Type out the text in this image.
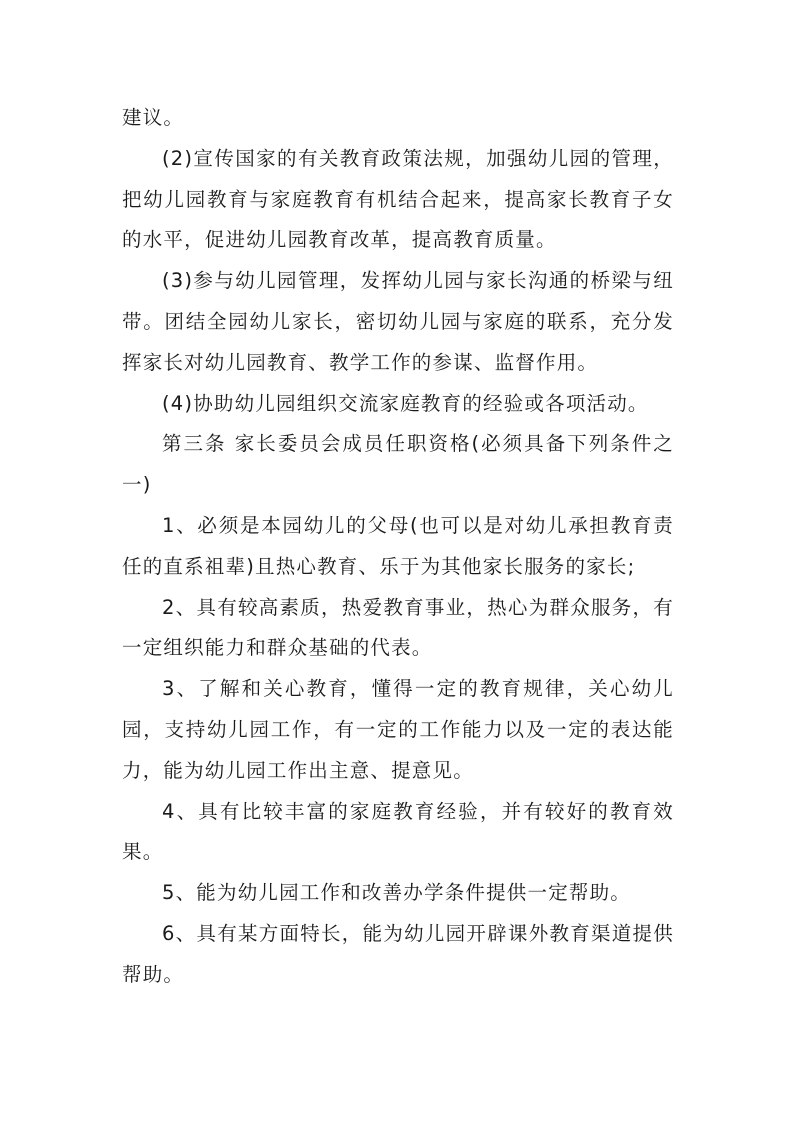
建议。

(2)宣传国家的有关教育政策法规，加强幼儿园的管理，把幼儿园教育与家庭教育有机结合起来，提高家长教育子女的水平，促进幼儿园教育改革，提高教育质量。

(3)参与幼儿园管理，发挥幼儿园与家长沟通的桥梁与纽带。团结全园幼儿家长，密切幼儿园与家庭的联系，充分发挥家长对幼儿园教育、教学工作的参谋、监督作用。

(4)协助幼儿园组织交流家庭教育的经验或各项活动。

第三条 家长委员会成员任职资格(必须具备下列条件之一)

1、必须是本园幼儿的父母(也可以是对幼儿承担教育责任的直系祖辈)且热心教育、乐于为其他家长服务的家长;

2、具有较高素质，热爱教育事业，热心为群众服务，有一定组织能力和群众基础的代表。

3、了解和关心教育，懂得一定的教育规律，关心幼儿园，支持幼儿园工作，有一定的工作能力以及一定的表达能力，能为幼儿园工作出主意、提意见。

4、具有比较丰富的家庭教育经验，并有较好的教育效果。

5、能为幼儿园工作和改善办学条件提供一定帮助。

6、具有某方面特长，能为幼儿园开辟课外教育渠道提供帮助。
